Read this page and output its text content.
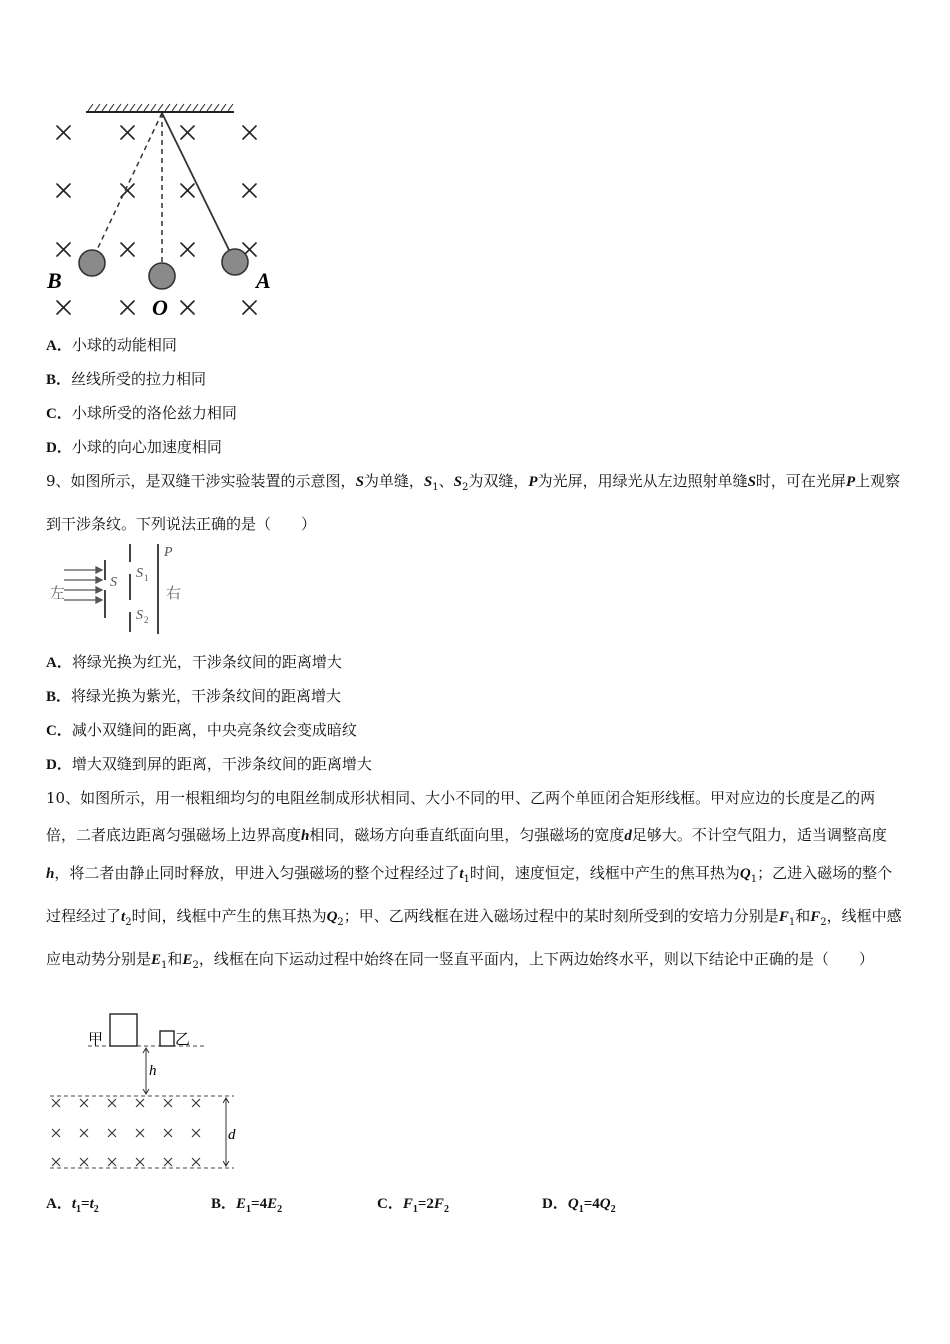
B
O
A
A．小球的动能相同
B．丝线所受的拉力相同
C．小球所受的洛伦兹力相同
D．小球的向心加速度相同
9、如图所示，是双缝干涉实验装置的示意图，S为单缝，$S_1$、$S_2$为双缝，P为光屏，用绿光从左边照射单缝S时，可在光屏P上观察到干涉条纹。下列说法正确的是（　　）
左
S
S 1
S 2
P
右
A．将绿光换为红光，干涉条纹间的距离增大
B．将绿光换为紫光，干涉条纹间的距离增大
C．减小双缝间的距离，中央亮条纹会变成暗纹
D．增大双缝到屏的距离，干涉条纹间的距离增大
10、如图所示，用一根粗细均匀的电阻丝制成形状相同、大小不同的甲、乙两个单匝闭合矩形线框。甲对应边的长度是乙的两倍，二者底边距离匀强磁场上边界高度h相同，磁场方向垂直纸面向里，匀强磁场的宽度d足够大。不计空气阻力，适当调整高度h，将二者由静止同时释放，甲进入匀强磁场的整个过程经过了$t_1$时间，速度恒定，线框中产生的焦耳热为$Q_1$；乙进入磁场的整个过程经过了$t_2$时间，线框中产生的焦耳热为$Q_2$；甲、乙两线框在进入磁场过程中的某时刻所受到的安培力分别是$F_1$和$F_2$，线框中感应电动势分别是$E_1$和$E_2$，线框在向下运动过程中始终在同一竖直平面内，上下两边始终水平，则以下结论中正确的是（　　）
甲	乙
h
d
A．$t_1=t_2$	B．$E_1=4E_2$	C．$F_1=2F_2$	D．$Q_1=4Q_2$
